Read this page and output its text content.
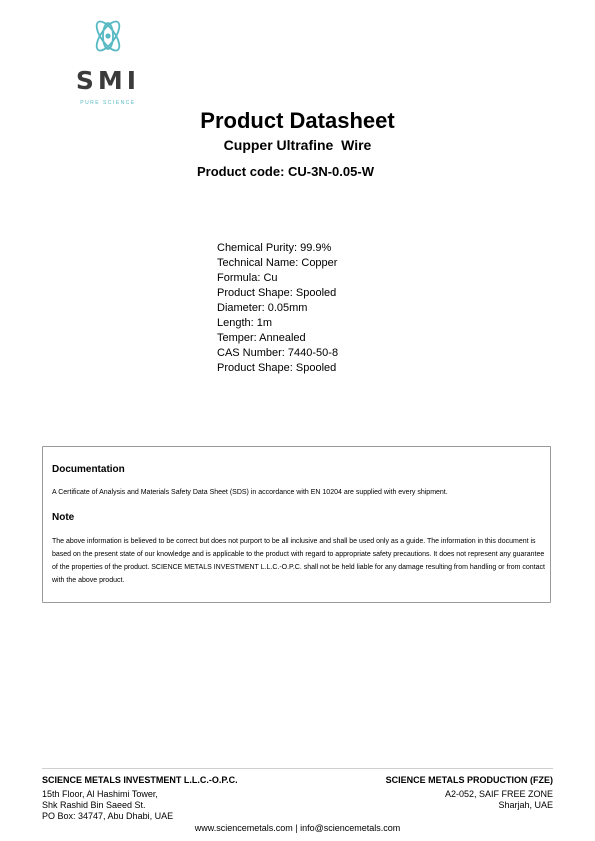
SMI
PURE SCIENCE
Product Datasheet
Cupper Ultrafine  Wire
Product code: CU-3N-0.05-W
Chemical Purity: 99.9%
Technical Name: Copper
Formula: Cu
Product Shape: Spooled
Diameter: 0.05mm
Length: 1m
Temper: Annealed
CAS Number: 7440-50-8
Product Shape: Spooled
Documentation
A Certificate of Analysis and Materials Safety Data Sheet (SDS) in accordance with EN 10204 are supplied with every shipment.
Note
The above information is believed to be correct but does not purport to be all inclusive and shall be used only as a guide. The information in this document is based on the present state of our knowledge and is applicable to the product with regard to appropriate safety precautions. It does not represent any guarantee of the properties of the product. SCIENCE METALS INVESTMENT L.L.C.-O.P.C. shall not be held liable for any damage resulting from handling or from contact with the above product.
SCIENCE METALS INVESTMENT L.L.C.-O.P.C.
15th Floor, Al Hashimi Tower,
Shk Rashid Bin Saeed St.
PO Box: 34747, Abu Dhabi, UAE
SCIENCE METALS PRODUCTION (FZE)
A2-052, SAIF FREE ZONE
Sharjah, UAE
www.sciencemetals.com | info@sciencemetals.com
